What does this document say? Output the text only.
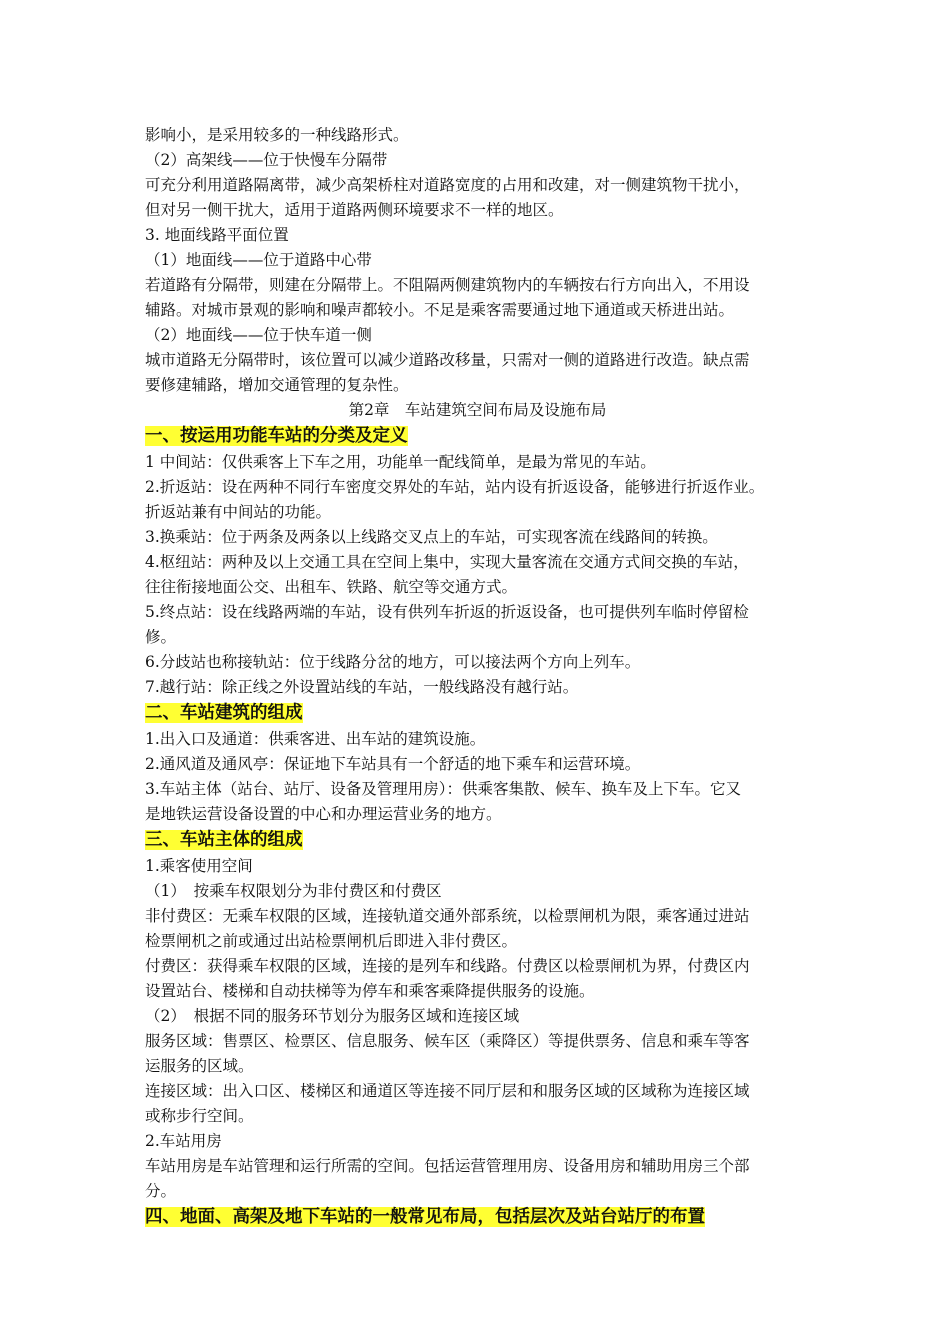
影响小，是采用较多的一种线路形式。
（2）高架线——位于快慢车分隔带
可充分利用道路隔离带，减少高架桥柱对道路宽度的占用和改建，对一侧建筑物干扰小，
但对另一侧干扰大，适用于道路两侧环境要求不一样的地区。
3. 地面线路平面位置
（1）地面线——位于道路中心带
若道路有分隔带，则建在分隔带上。不阻隔两侧建筑物内的车辆按右行方向出入，不用设
辅路。对城市景观的影响和噪声都较小。不足是乘客需要通过地下通道或天桥进出站。
（2）地面线——位于快车道一侧
城市道路无分隔带时，该位置可以减少道路改移量，只需对一侧的道路进行改造。缺点需
要修建辅路，增加交通管理的复杂性。
第2章　车站建筑空间布局及设施布局
一、按运用功能车站的分类及定义
1 中间站：仅供乘客上下车之用，功能单一配线简单，是最为常见的车站。
2.折返站：设在两种不同行车密度交界处的车站，站内设有折返设备，能够进行折返作业。
折返站兼有中间站的功能。
3.换乘站：位于两条及两条以上线路交叉点上的车站，可实现客流在线路间的转换。
4.枢纽站：两种及以上交通工具在空间上集中，实现大量客流在交通方式间交换的车站，
往往衔接地面公交、出租车、铁路、航空等交通方式。
5.终点站：设在线路两端的车站，设有供列车折返的折返设备，也可提供列车临时停留检
修。
6.分歧站也称接轨站：位于线路分岔的地方，可以接法两个方向上列车。
7.越行站：除正线之外设置站线的车站，一般线路没有越行站。
二、车站建筑的组成
1.出入口及通道：供乘客进、出车站的建筑设施。
2.通风道及通风亭：保证地下车站具有一个舒适的地下乘车和运营环境。
3.车站主体（站台、站厅、设备及管理用房）：供乘客集散、候车、换车及上下车。它又
是地铁运营设备设置的中心和办理运营业务的地方。
三、车站主体的组成
1.乘客使用空间
（1）　按乘车权限划分为非付费区和付费区
非付费区：无乘车权限的区域，连接轨道交通外部系统，以检票闸机为限，乘客通过进站
检票闸机之前或通过出站检票闸机后即进入非付费区。
付费区：获得乘车权限的区域，连接的是列车和线路。付费区以检票闸机为界，付费区内
设置站台、楼梯和自动扶梯等为停车和乘客乘降提供服务的设施。
（2）　根据不同的服务环节划分为服务区域和连接区域
服务区域：售票区、检票区、信息服务、候车区（乘降区）等提供票务、信息和乘车等客
运服务的区域。
连接区域：出入口区、楼梯区和通道区等连接不同厅层和和服务区域的区域称为连接区域
或称步行空间。
2.车站用房
车站用房是车站管理和运行所需的空间。包括运营管理用房、设备用房和辅助用房三个部
分。
四、地面、高架及地下车站的一般常见布局，包括层次及站台站厅的布置
